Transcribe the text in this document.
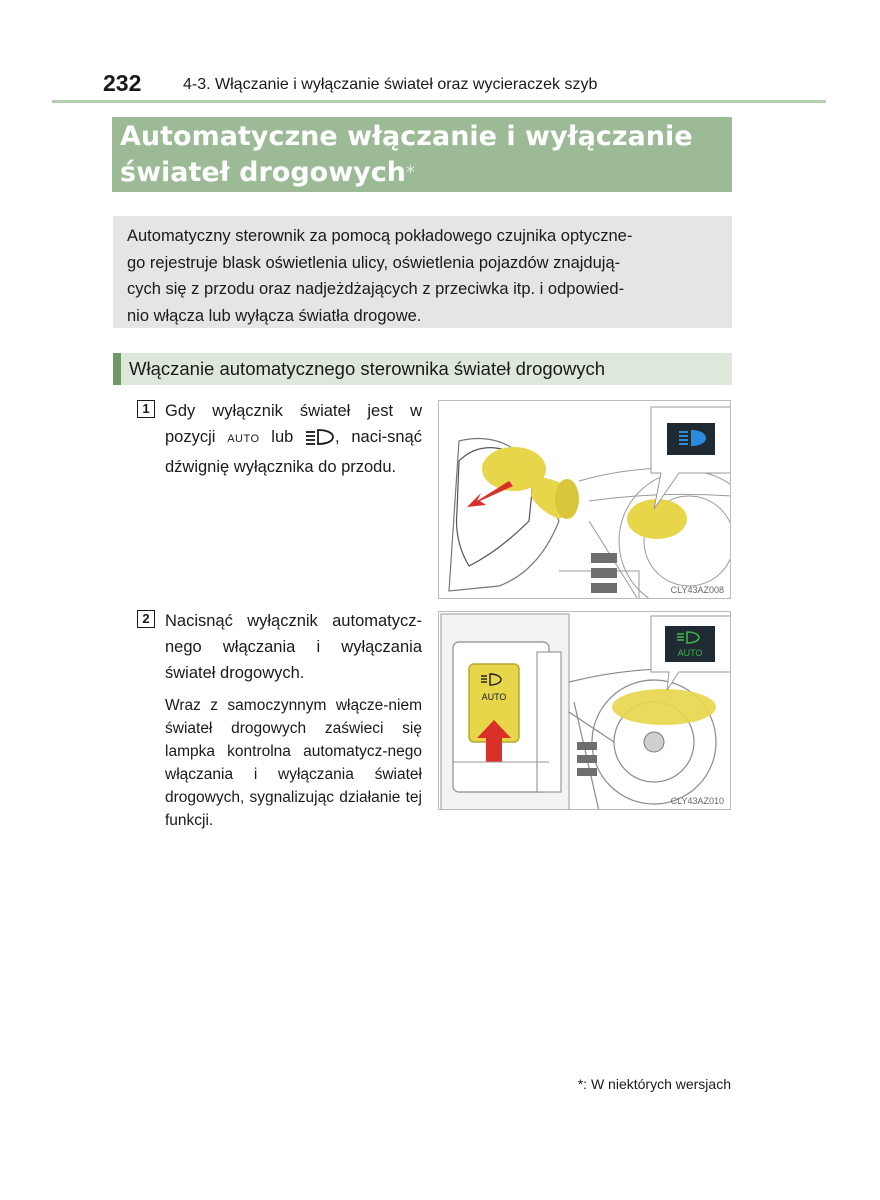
232	4-3. Włączanie i wyłączanie świateł oraz wycieraczek szyb
Automatyczne włączanie i wyłączanie
świateł drogowych*
Automatyczny sterownik za pomocą pokładowego czujnika optyczne-
go rejestruje blask oświetlenia ulicy, oświetlenia pojazdów znajdują-
cych się z przodu oraz nadjeżdżających z przeciwka itp. i odpowied-
nio włącza lub wyłącza światła drogowe.
Włączanie automatycznego sterownika świateł drogowych
1 Gdy wyłącznik świateł jest w pozycji AUTO lub , naci-snąć dźwignię wyłącznika do przodu.
CLY43AZ008
2 Nacisnąć wyłącznik automatycz-nego włączania i wyłączania świateł drogowych.
Wraz z samoczynnym włącze-niem świateł drogowych zaświeci się lampka kontrolna automatycz-nego włączania i wyłączania świateł drogowych, sygnalizując działanie tej funkcji.
AUTO
AUTO
CLY43AZ010
*: W niektórych wersjach
